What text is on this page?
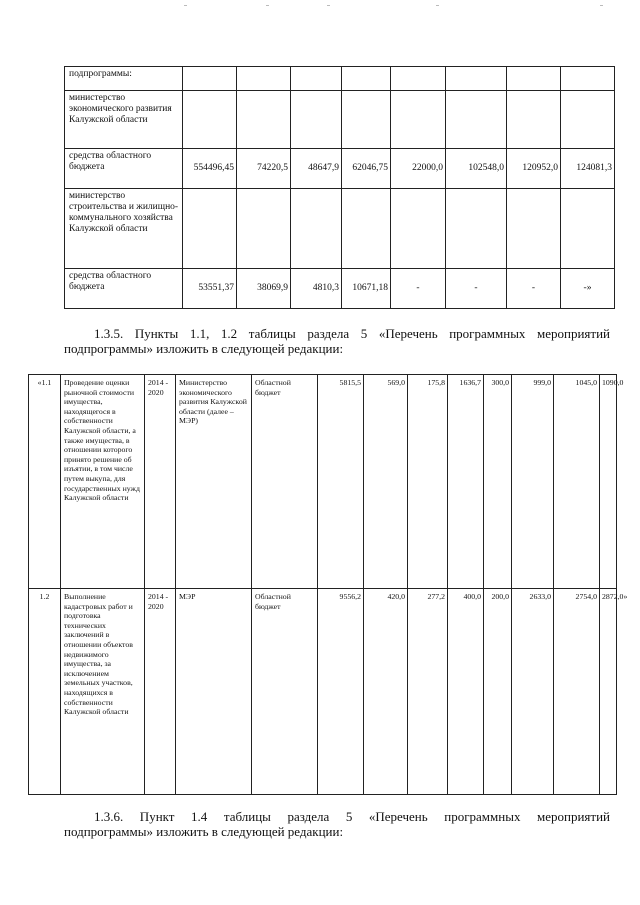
подпрограммы:								
министерство экономического развития Калужской области								
средства областного бюджета	554496,45	74220,5	48647,9	62046,75	22000,0	102548,0	120952,0	124081,3
министерство строительства и жилищно-коммунального хозяйства Калужской области								
средства областного бюджета	53551,37	38069,9	4810,3	10671,18	-	-	-	-»
1.3.5. Пункты 1.1, 1.2 таблицы раздела 5 «Перечень программных мероприятий
подпрограммы» изложить в следующей редакции:
«1.1	Проведение оценки рыночной стоимости имущества, находящегося в собственности Калужской области, а также имущества, в отношении которого принято решение об изъятии, в том числе путем выкупа, для государственных нужд Калужской области	2014 - 2020	Министерство экономического развития Калужской области (далее – МЭР)	Областной бюджет	5815,5	569,0	175,8	1636,7	300,0	999,0	1045,0	1090,0
1.2	Выполнение кадастровых работ и подготовка технических заключений в отношении объектов недвижимого имущества, за исключением земельных участков, находящихся в собственности Калужской области	2014 - 2020	МЭР	Областной бюджет	9556,2	420,0	277,2	400,0	200,0	2633,0	2754,0	2872,0»
1.3.6. Пункт 1.4 таблицы раздела 5 «Перечень программных мероприятий
подпрограммы» изложить в следующей редакции:
